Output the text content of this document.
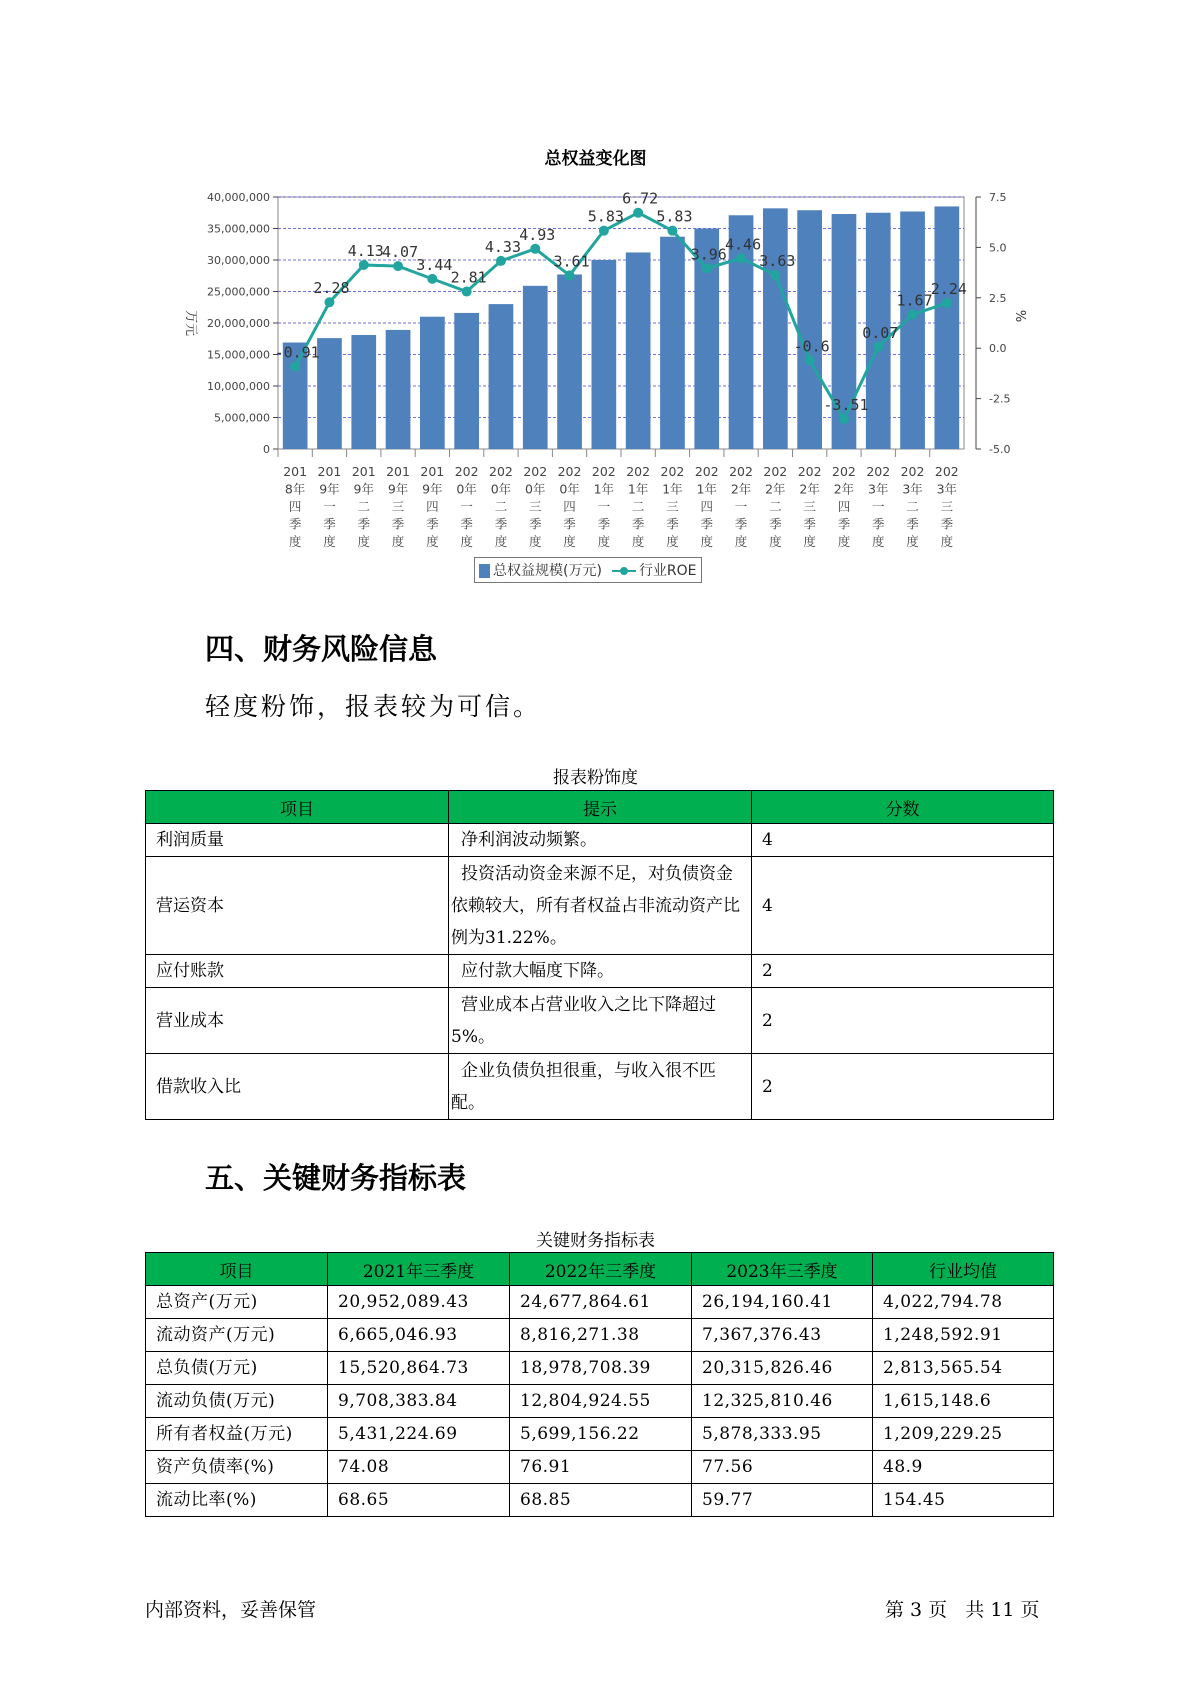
总权益变化图
0
5,000,000
10,000,000
15,000,000
20,000,000
25,000,000
30,000,000
35,000,000
40,000,000
-5.0
-2.5
0.0
2.5
5.0
7.5
万元	%
201 8年四季度
201 9年一季度
201 9年二季度
201 9年三季度
201 9年四季度
202 0年一季度
202 0年二季度
202 0年三季度
202 0年四季度
202 1年一季度
202 1年二季度
202 1年三季度
202 1年四季度
202 2年一季度
202 2年二季度
202 2年三季度
202 2年四季度
202 3年一季度
202 3年二季度
202 3年三季度
-0.91
2.28
4.13
4.07
3.44
2.81
4.33
4.93
3.61
5.83
6.72
5.83
3.96
4.46
3.63
-0.6
-3.51
0.07
1.67
2.24
总权益规模(万元)	行业ROE
四、财务风险信息
轻度粉饰，报表较为可信。
报表粉饰度
项目	提示	分数
利润质量	净利润波动频繁。	4
营运资本	投资活动资金来源不足，对负债资金依赖较大，所有者权益占非流动资产比例为31.22%。	4
应付账款	应付款大幅度下降。	2
营业成本	营业成本占营业收入之比下降超过5%。	2
借款收入比	企业负债负担很重，与收入很不匹配。	2
五、关键财务指标表
关键财务指标表
项目	2021年三季度	2022年三季度	2023年三季度	行业均值
总资产(万元)	20,952,089.43	24,677,864.61	26,194,160.41	4,022,794.78
流动资产(万元)	6,665,046.93	8,816,271.38	7,367,376.43	1,248,592.91
总负债(万元)	15,520,864.73	18,978,708.39	20,315,826.46	2,813,565.54
流动负债(万元)	9,708,383.84	12,804,924.55	12,325,810.46	1,615,148.6
所有者权益(万元)	5,431,224.69	5,699,156.22	5,878,333.95	1,209,229.25
资产负债率(%)	74.08	76.91	77.56	48.9
流动比率(%)	68.65	68.85	59.77	154.45
内部资料，妥善保管	第 3 页   共 11 页
